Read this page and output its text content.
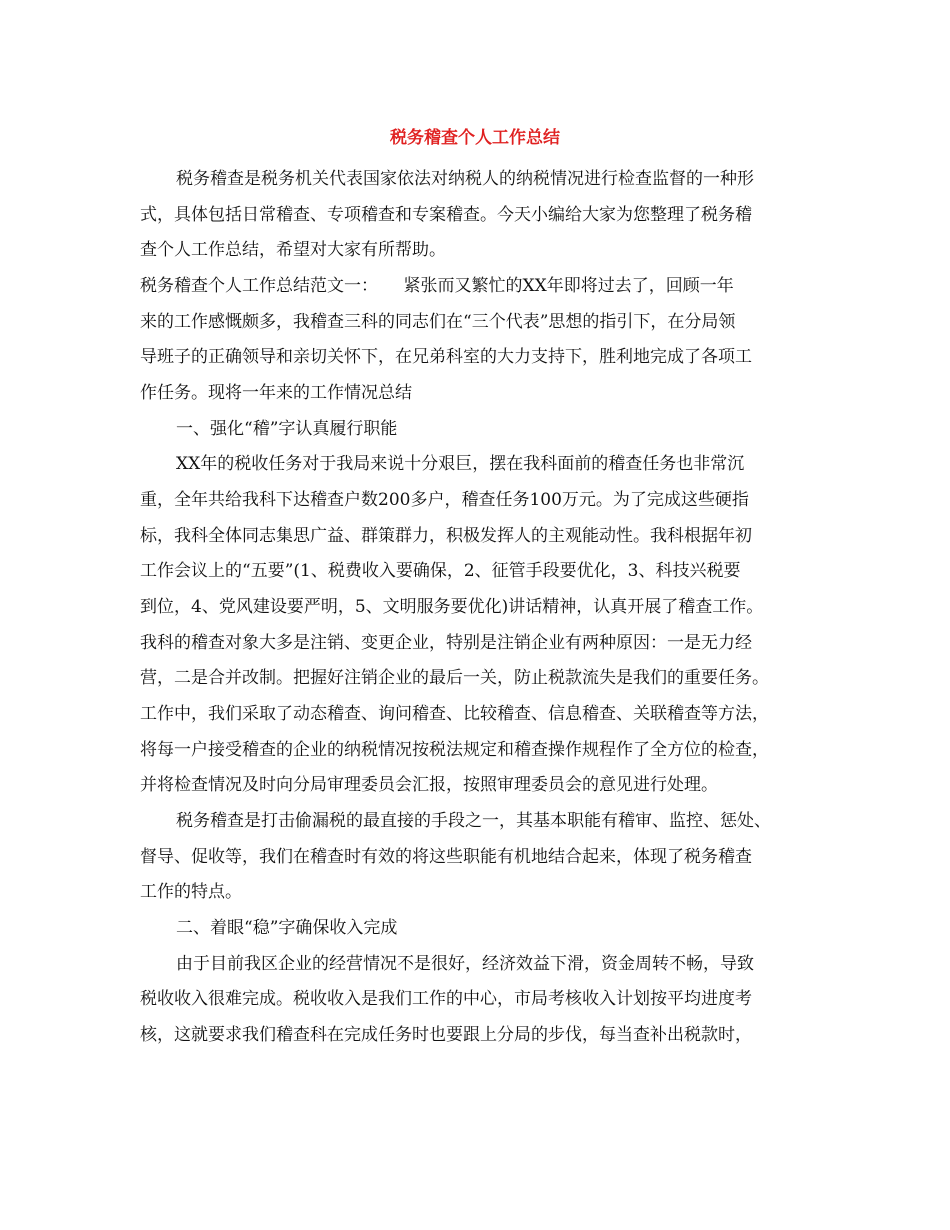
税务稽查个人工作总结
税务稽查是税务机关代表国家依法对纳税人的纳税情况进行检查监督的一种形
式，具体包括日常稽查、专项稽查和专案稽查。今天小编给大家为您整理了税务稽
查个人工作总结，希望对大家有所帮助。
税务稽查个人工作总结范文一：　　紧张而又繁忙的XX年即将过去了，回顾一年
来的工作感慨颇多，我稽查三科的同志们在“三个代表”思想的指引下，在分局领
导班子的正确领导和亲切关怀下，在兄弟科室的大力支持下，胜利地完成了各项工
作任务。现将一年来的工作情况总结
一、强化“稽”字认真履行职能
XX年的税收任务对于我局来说十分艰巨，摆在我科面前的稽查任务也非常沉
重，全年共给我科下达稽查户数200多户，稽查任务100万元。为了完成这些硬指
标，我科全体同志集思广益、群策群力，积极发挥人的主观能动性。我科根据年初
工作会议上的“五要”(1、税费收入要确保，2、征管手段要优化，3、科技兴税要
到位，4、党风建设要严明，5、文明服务要优化)讲话精神，认真开展了稽查工作。
我科的稽查对象大多是注销、变更企业，特别是注销企业有两种原因：一是无力经
营，二是合并改制。把握好注销企业的最后一关，防止税款流失是我们的重要任务。
工作中，我们采取了动态稽查、询问稽查、比较稽查、信息稽查、关联稽查等方法，
将每一户接受稽查的企业的纳税情况按税法规定和稽查操作规程作了全方位的检查，
并将检查情况及时向分局审理委员会汇报，按照审理委员会的意见进行处理。
税务稽查是打击偷漏税的最直接的手段之一，其基本职能有稽审、监控、惩处、
督导、促收等，我们在稽查时有效的将这些职能有机地结合起来，体现了税务稽查
工作的特点。
二、着眼“稳”字确保收入完成
由于目前我区企业的经营情况不是很好，经济效益下滑，资金周转不畅，导致
税收收入很难完成。税收收入是我们工作的中心，市局考核收入计划按平均进度考
核，这就要求我们稽查科在完成任务时也要跟上分局的步伐，每当查补出税款时，
